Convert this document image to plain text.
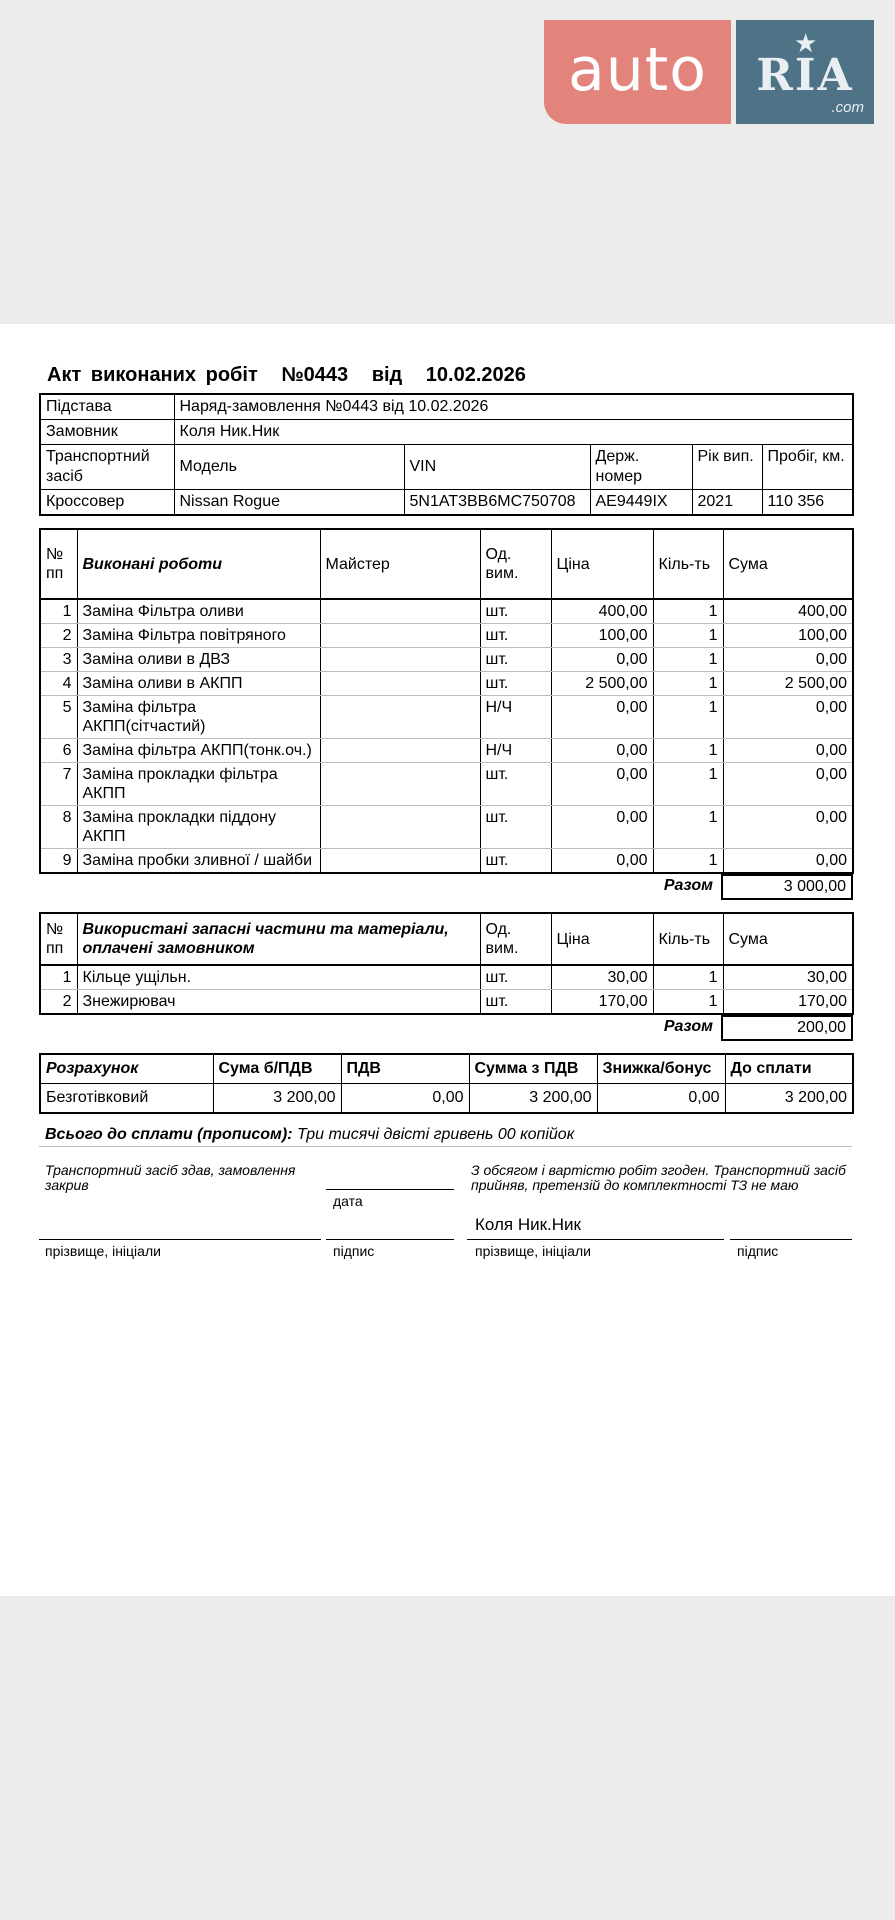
auto	★
RIA
.com
Акт виконаних робіт №0443 від 10.02.2026
Підстава	Наряд-замовлення №0443 від 10.02.2026				
Замовник	Коля Ник.Ник				
Транспортний засіб	Модель	VIN	Держ. номер	Рік вип.	Пробіг, км.
Кроссовер	Nissan Rogue	5N1AT3BB6MC750708	AE9449IX	2021	110 356
№ пп	Виконані роботи	Майстер	Од. вим.	Ціна	Кіль-ть	Сума
1	Заміна Фільтра оливи		шт.	400,00	1	400,00
2	Заміна Фільтра повітряного		шт.	100,00	1	100,00
3	Заміна оливи в ДВЗ		шт.	0,00	1	0,00
4	Заміна оливи в АКПП		шт.	2 500,00	1	2 500,00
5	Заміна фільтра АКПП(сітчастий)		Н/Ч	0,00	1	0,00
6	Заміна фільтра АКПП(тонк.оч.)		Н/Ч	0,00	1	0,00
7	Заміна прокладки фільтра АКПП		шт.	0,00	1	0,00
8	Заміна прокладки піддону АКПП		шт.	0,00	1	0,00
9	Заміна пробки зливної / шайби		шт.	0,00	1	0,00
Разом	3 000,00
№ пп	Використані запасні частини та матеріали, оплачені замовником	Од. вим.	Ціна	Кіль-ть	Сума
1	Кільце ущільн.	шт.	30,00	1	30,00
2	Знежирювач	шт.	170,00	1	170,00
Разом	200,00
Розрахунок	Сума б/ПДВ	ПДВ	Сумма з ПДВ	Знижка/бонус	До сплати
Безготівковий	3 200,00	0,00	3 200,00	0,00	3 200,00
Всього до сплати (прописом): Три тисячі двісті гривень 00 копійок
Транспортний засіб здав, замовлення закрив
дата
З обсягом і вартістю робіт згоден. Транспортний засіб прийняв, претензій до комплектності ТЗ не маю
Коля Ник.Ник
прізвище, ініціали	підпис	прізвище, ініціали	підпис
